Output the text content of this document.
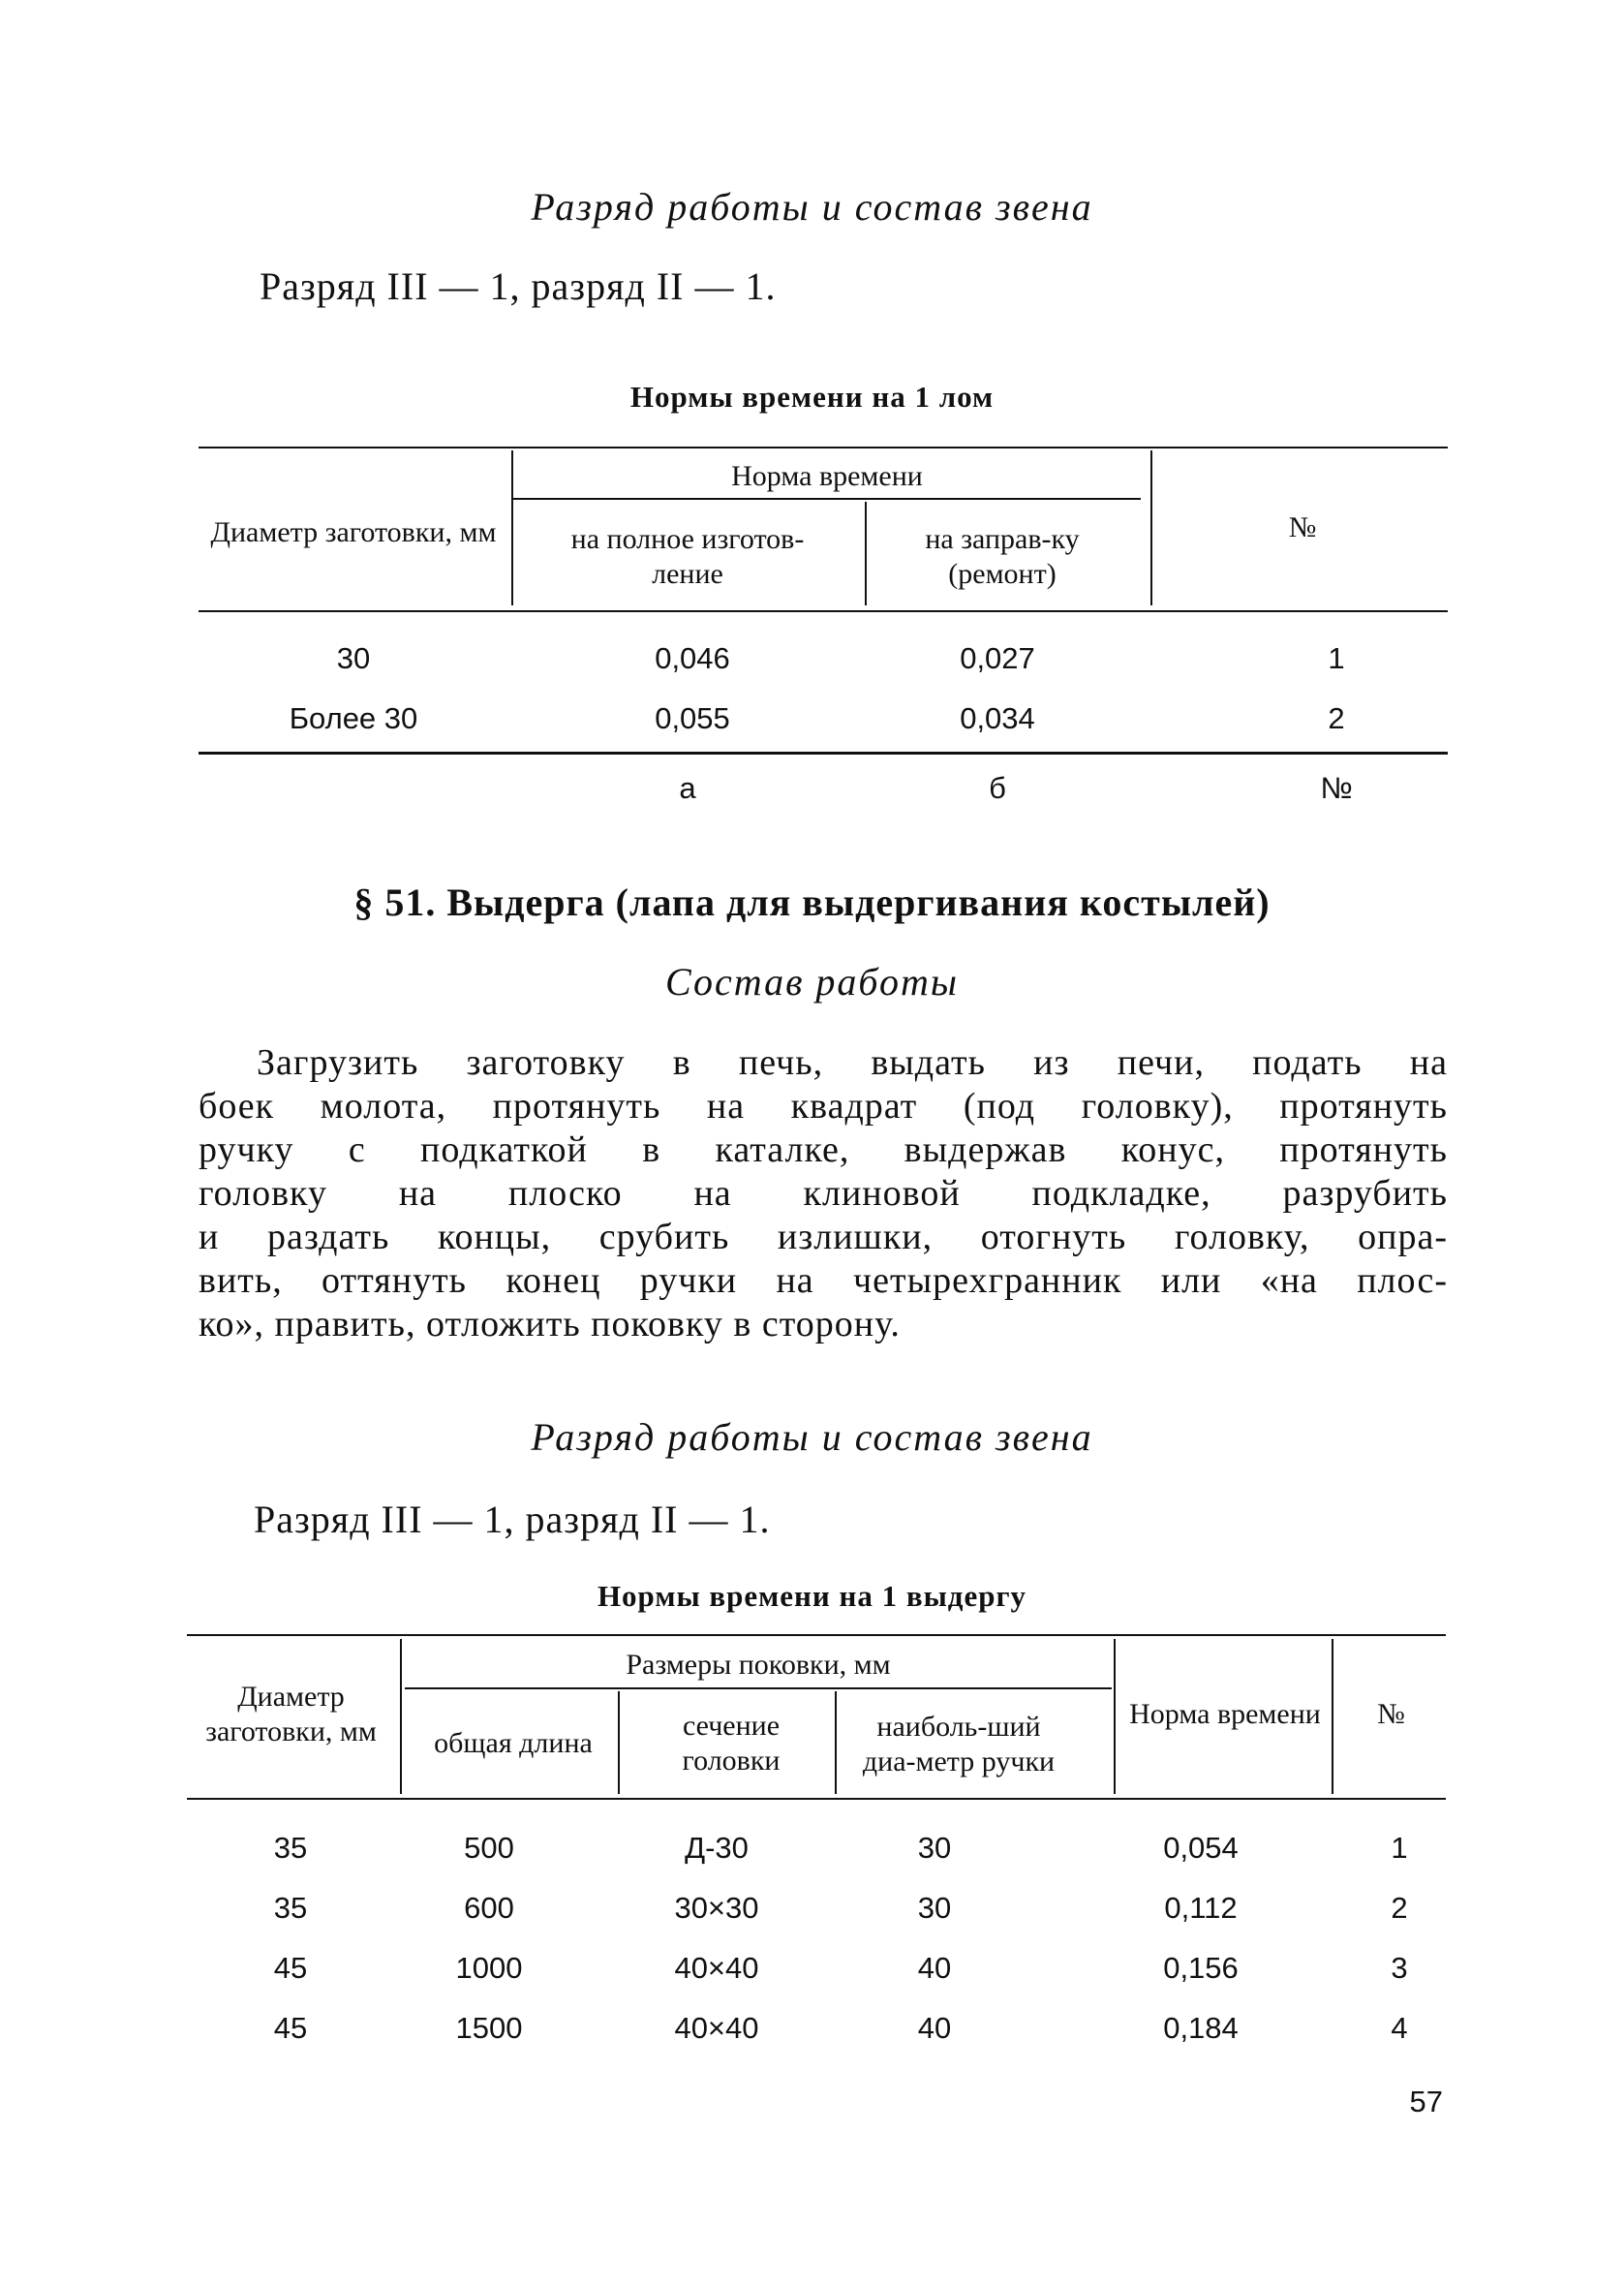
Разряд работы и состав звена
Разряд III — 1, разряд II — 1.
Нормы времени на 1 лом
Диаметр заготовки, мм
Норма времени
на полное изготов-ление
на заправ-ку (ремонт)
№
30	0,046	0,027	1
Более 30	0,055	0,034	2
а	б	№
§ 51. Выдерга (лапа для выдергивания костылей)
Состав работы
Загрузить заготовку в печь, выдать из печи, подать на
боек молота, протянуть на квадрат (под головку), протянуть
ручку с подкаткой в каталке, выдержав конус, протянуть
головку на плоско на клиновой подкладке, разрубить
и раздать концы, срубить излишки, отогнуть головку, опра-
вить, оттянуть конец ручки на четырехгранник или «на плос-
ко», править, отложить поковку в сторону.
Разряд работы и состав звена
Разряд III — 1, разряд II — 1.
Нормы времени на 1 выдергу
Диаметр заготовки, мм
Размеры поковки, мм
общая длина
сечение головки
наиболь-ший диа-метр ручки
Норма времени	№
35	500	Д-30	30	0,054	1
35	600	30×30	30	0,112	2
45	1000	40×40	40	0,156	3
45	1500	40×40	40	0,184	4
57
